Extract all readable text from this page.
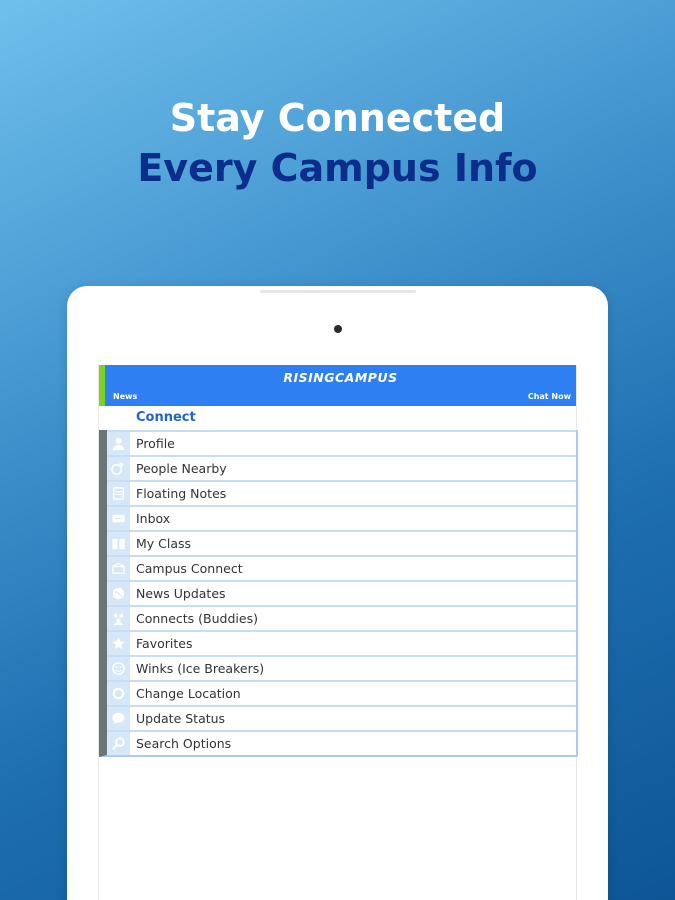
Stay Connected
Every Campus Info
RISINGCAMPUS
News	Chat Now
Connect
Profile
People Nearby
Floating Notes
Inbox
My Class
Campus Connect
News Updates
Connects (Buddies)
Favorites
Winks (Ice Breakers)
Change Location
Update Status
Search Options
